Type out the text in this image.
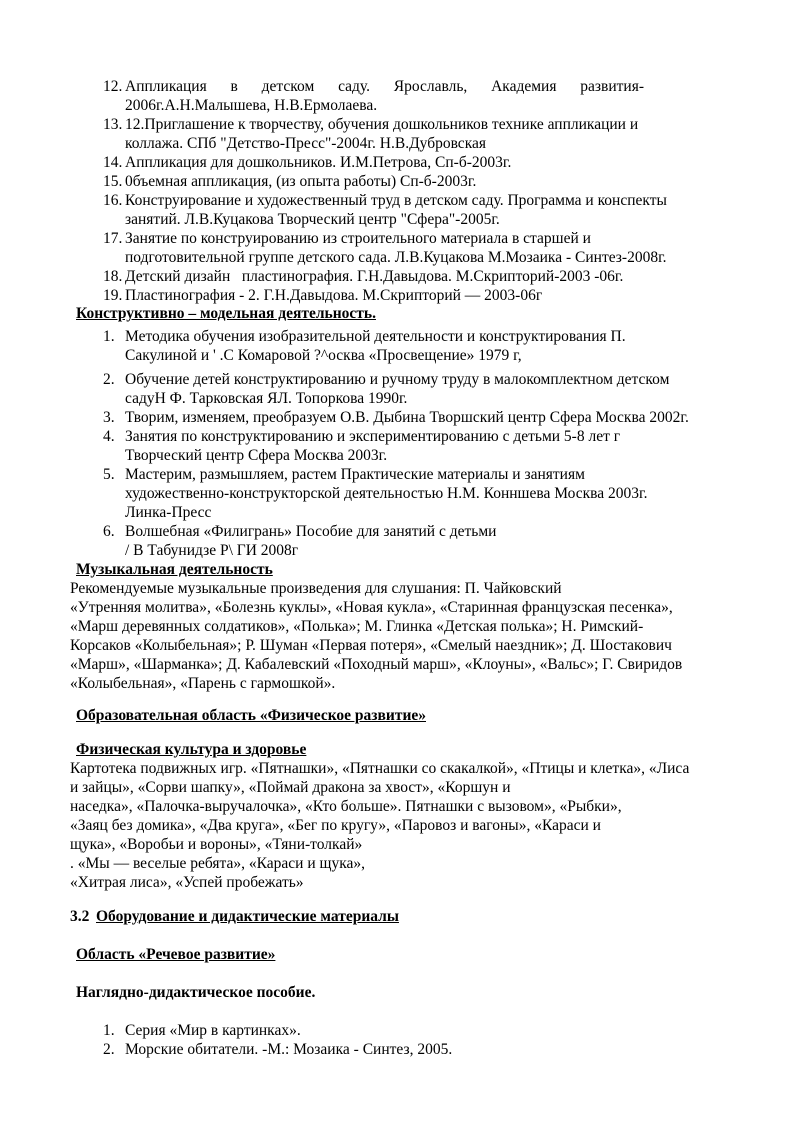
12. Аппликация в детском саду. Ярославль, Академия развития-
2006г.А.Н.Малышева, Н.В.Ермолаева.
13. 12.Приглашение к творчеству, обучения дошкольников технике аппликации и
коллажа. СПб "Детство-Пресс"-2004г. Н.В.Дубровская
14. Аппликация для дошкольников. И.М.Петрова, Сп-б-2003г.
15. 0бъемная аппликация, (из опыта работы) Сп-б-2003г.
16. Конструирование и художественный труд в детском саду. Программа и конспекты
занятий. Л.В.Куцакова Творческий центр "Сфера"-2005г.
17. Занятие по конструированию из строительного материала в старшей и
подготовительной группе детского сада. Л.В.Куцакова М.Мозаика - Синтез-2008г.
18. Детский дизайн   пластинография. Г.Н.Давыдова. М.Скрипторий-2003 -06г.
19. Пластинография - 2. Г.Н.Давыдова. М.Скрипторий — 2003-06г
Конструктивно – модельная деятельность.
1. Методика обучения изобразительной деятельности и конструктирования П.
Сакулиной и ' .С Комаровой ?^осква «Просвещение» 1979 г,
2. Обучение детей конструктированию и ручному труду в малокомплектном детском
садуН Ф. Тарковская ЯЛ. Топоркова 1990г.
3. Творим, изменяем, преобразуем О.В. Дыбина Творшский центр Сфера Москва 2002г.
4. Занятия по конструктированию и экспериментированию с детьми 5-8 лет ᴦ
Творческий центр Сфера Москва 2003г.
5. Мастерим, размышляем, растем Практические материалы и занятиям
художественно-конструкторской деятельностью Н.М. Конншева Москва 2003г.
Линка-Пресс
6. Волшебная «Филигрань» Пособие для занятий с детьми
/ В Табунидзе P\ ГИ 2008г
Музыкальная деятельность
Рекомендуемые музыкальные произведения для слушания: П. Чайковский
«Утренняя молитва», «Болезнь куклы», «Новая кукла», «Старинная французская песенка»,
«Марш деревянных солдатиков», «Полька»; М. Глинка «Детская полька»; Н. Римский-
Корсаков «Колыбельная»; Р. Шуман «Первая потеря», «Смелый наездник»; Д. Шостакович
«Марш», «Шарманка»; Д. Кабалевский «Походный марш», «Клоуны», «Вальс»; Г. Свиридов
«Колыбельная», «Парень с гармошкой».
Образовательная область «Физическое развитие»
Физическая культура и здоровье
Картотека подвижных игр. «Пятнашки», «Пятнашки со скакалкой», «Птицы и клетка», «Лиса
и зайцы», «Сорви шапку», «Поймай дракона за хвост», «Коршун и
наседка», «Палочка-выручалочка», «Кто больше». Пятнашки с вызовом», «Рыбки»,
«Заяц без домика», «Два круга», «Бег по кругу», «Паровоз и вагоны», «Караси и
щука», «Воробьи и вороны», «Тяни-толкай»
. «Мы — веселые ребята», «Караси и щука»,
«Хитрая лиса», «Успей пробежать»
3.2 Оборудование и дидактические материалы
Область «Речевое развитие»
Наглядно-дидактическое пособие.
1. Серия «Мир в картинках».
2. Морские обитатели. -М.: Мозаика - Синтез, 2005.
